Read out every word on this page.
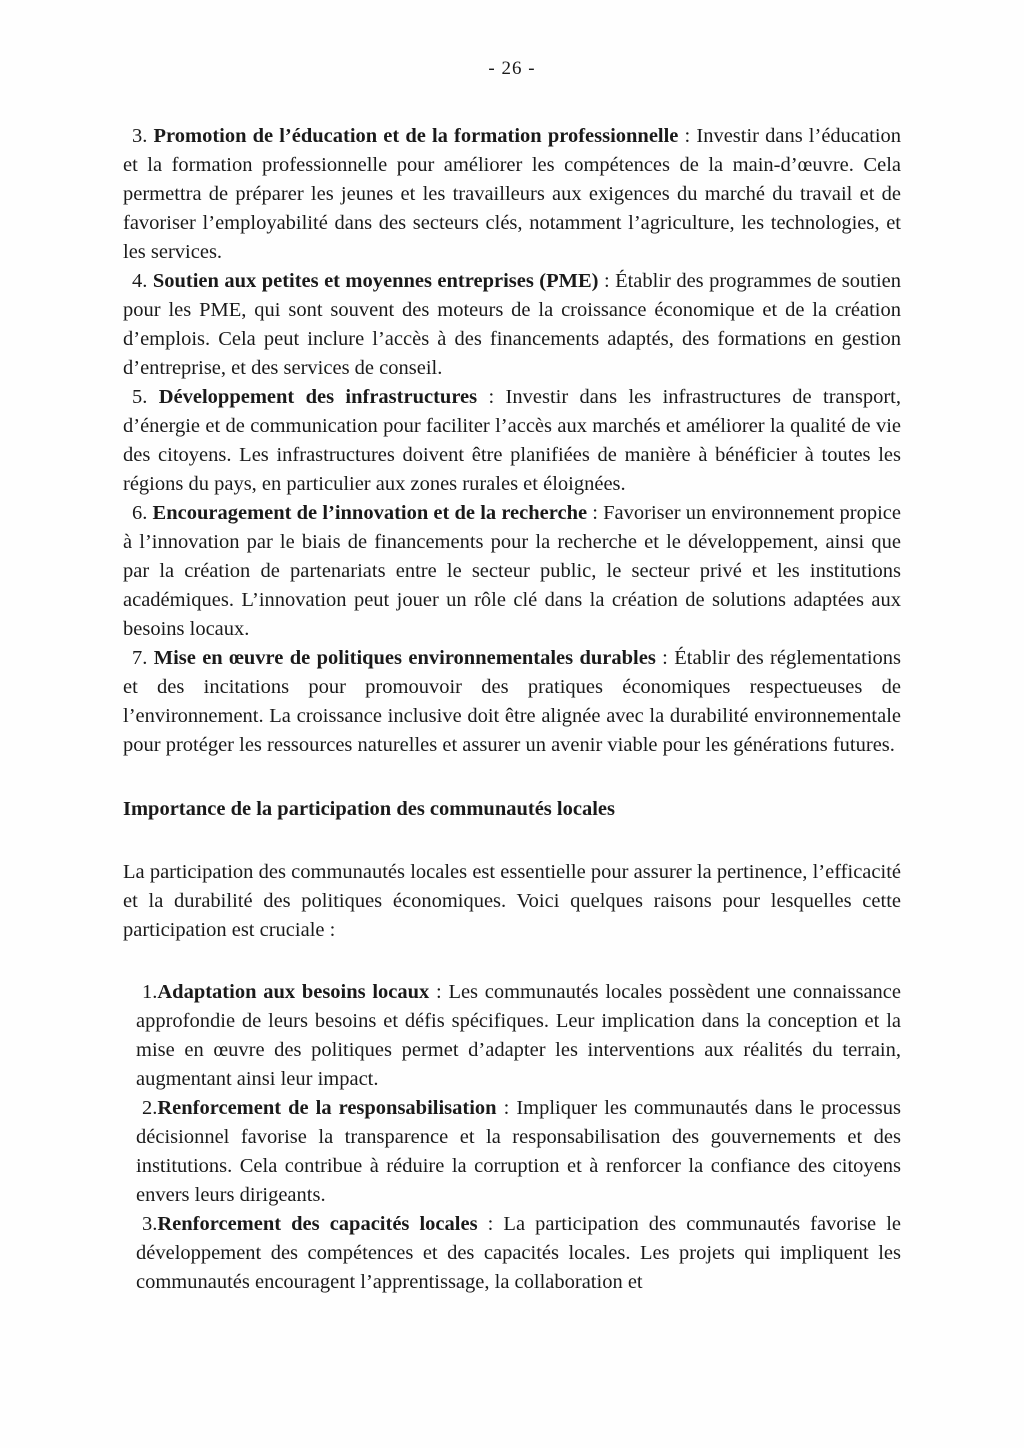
- 26 -

3. Promotion de l’éducation et de la formation professionnelle : Investir dans l’éducation et la formation professionnelle pour améliorer les compétences de la main-d’œuvre. Cela permettra de préparer les jeunes et les travailleurs aux exigences du marché du travail et de favoriser l’employabilité dans des secteurs clés, notamment l’agriculture, les technologies, et les services.

4. Soutien aux petites et moyennes entreprises (PME) : Établir des programmes de soutien pour les PME, qui sont souvent des moteurs de la croissance économique et de la création d’emplois. Cela peut inclure l’accès à des financements adaptés, des formations en gestion d’entreprise, et des services de conseil.

5. Développement des infrastructures : Investir dans les infrastructures de transport, d’énergie et de communication pour faciliter l’accès aux marchés et améliorer la qualité de vie des citoyens. Les infrastructures doivent être planifiées de manière à bénéficier à toutes les régions du pays, en particulier aux zones rurales et éloignées.

6. Encouragement de l’innovation et de la recherche : Favoriser un environnement propice à l’innovation par le biais de financements pour la recherche et le développement, ainsi que par la création de partenariats entre le secteur public, le secteur privé et les institutions académiques. L’innovation peut jouer un rôle clé dans la création de solutions adaptées aux besoins locaux.

7. Mise en œuvre de politiques environnementales durables : Établir des réglementations et des incitations pour promouvoir des pratiques économiques respectueuses de l’environnement. La croissance inclusive doit être alignée avec la durabilité environnementale pour protéger les ressources naturelles et assurer un avenir viable pour les générations futures.

Importance de la participation des communautés locales

La participation des communautés locales est essentielle pour assurer la pertinence, l’efficacité et la durabilité des politiques économiques. Voici quelques raisons pour lesquelles cette participation est cruciale :

1.Adaptation aux besoins locaux : Les communautés locales possèdent une connaissance approfondie de leurs besoins et défis spécifiques. Leur implication dans la conception et la mise en œuvre des politiques permet d’adapter les interventions aux réalités du terrain, augmentant ainsi leur impact.

2.Renforcement de la responsabilisation : Impliquer les communautés dans le processus décisionnel favorise la transparence et la responsabilisation des gouvernements et des institutions. Cela contribue à réduire la corruption et à renforcer la confiance des citoyens envers leurs dirigeants.

3.Renforcement des capacités locales : La participation des communautés favorise le développement des compétences et des capacités locales. Les projets qui impliquent les communautés encouragent l’apprentissage, la collaboration et
